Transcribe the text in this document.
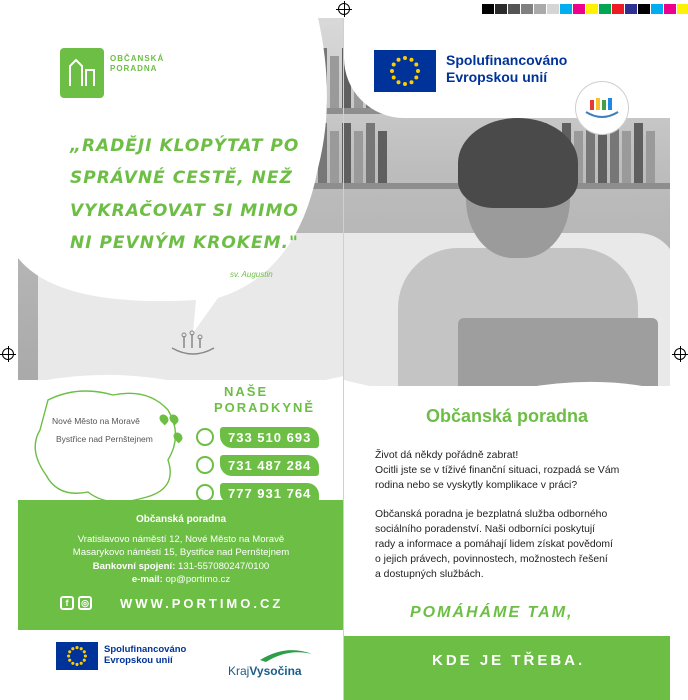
Spolufinancováno
Evropskou unií
OBČANSKÁ
PORADNA
„RADĚJI KLOPÝTAT PO SPRÁVNÉ CESTĚ, NEŽ VYKRAČOVAT SI MIMO NI PEVNÝM KROKEM."
sv. Augustin
Nové Město na Moravě
Bystřice nad Pernštejnem
NAŠE
PORADKYNĚ
733 510 693
731 487 284
777 931 764
Občanská poradna
Vratislavovo náměstí 12, Nové Město na Moravě
Masarykovo náměstí 15, Bystřice nad Pernštejnem
Bankovní spojení: 131-557080247/0100
e-mail: op@portimo.cz
f	◎ WWW.PORTIMO.CZ
Spolufinancováno
Evropskou unií
KrajVysočina
Občanská poradna
Život dá někdy pořádně zabrat!
Ocitli jste se v tíživé finanční situaci, rozpadá se Vám
rodina nebo se vyskytly komplikace v práci?
Občanská poradna je bezplatná služba odborného
sociálního poradenství. Naši odborníci poskytují
rady a informace a pomáhají lidem získat povědomí
o jejich právech, povinnostech, možnostech řešení
a dostupných službách.
POMÁHÁME TAM,
KDE JE TŘEBA.
